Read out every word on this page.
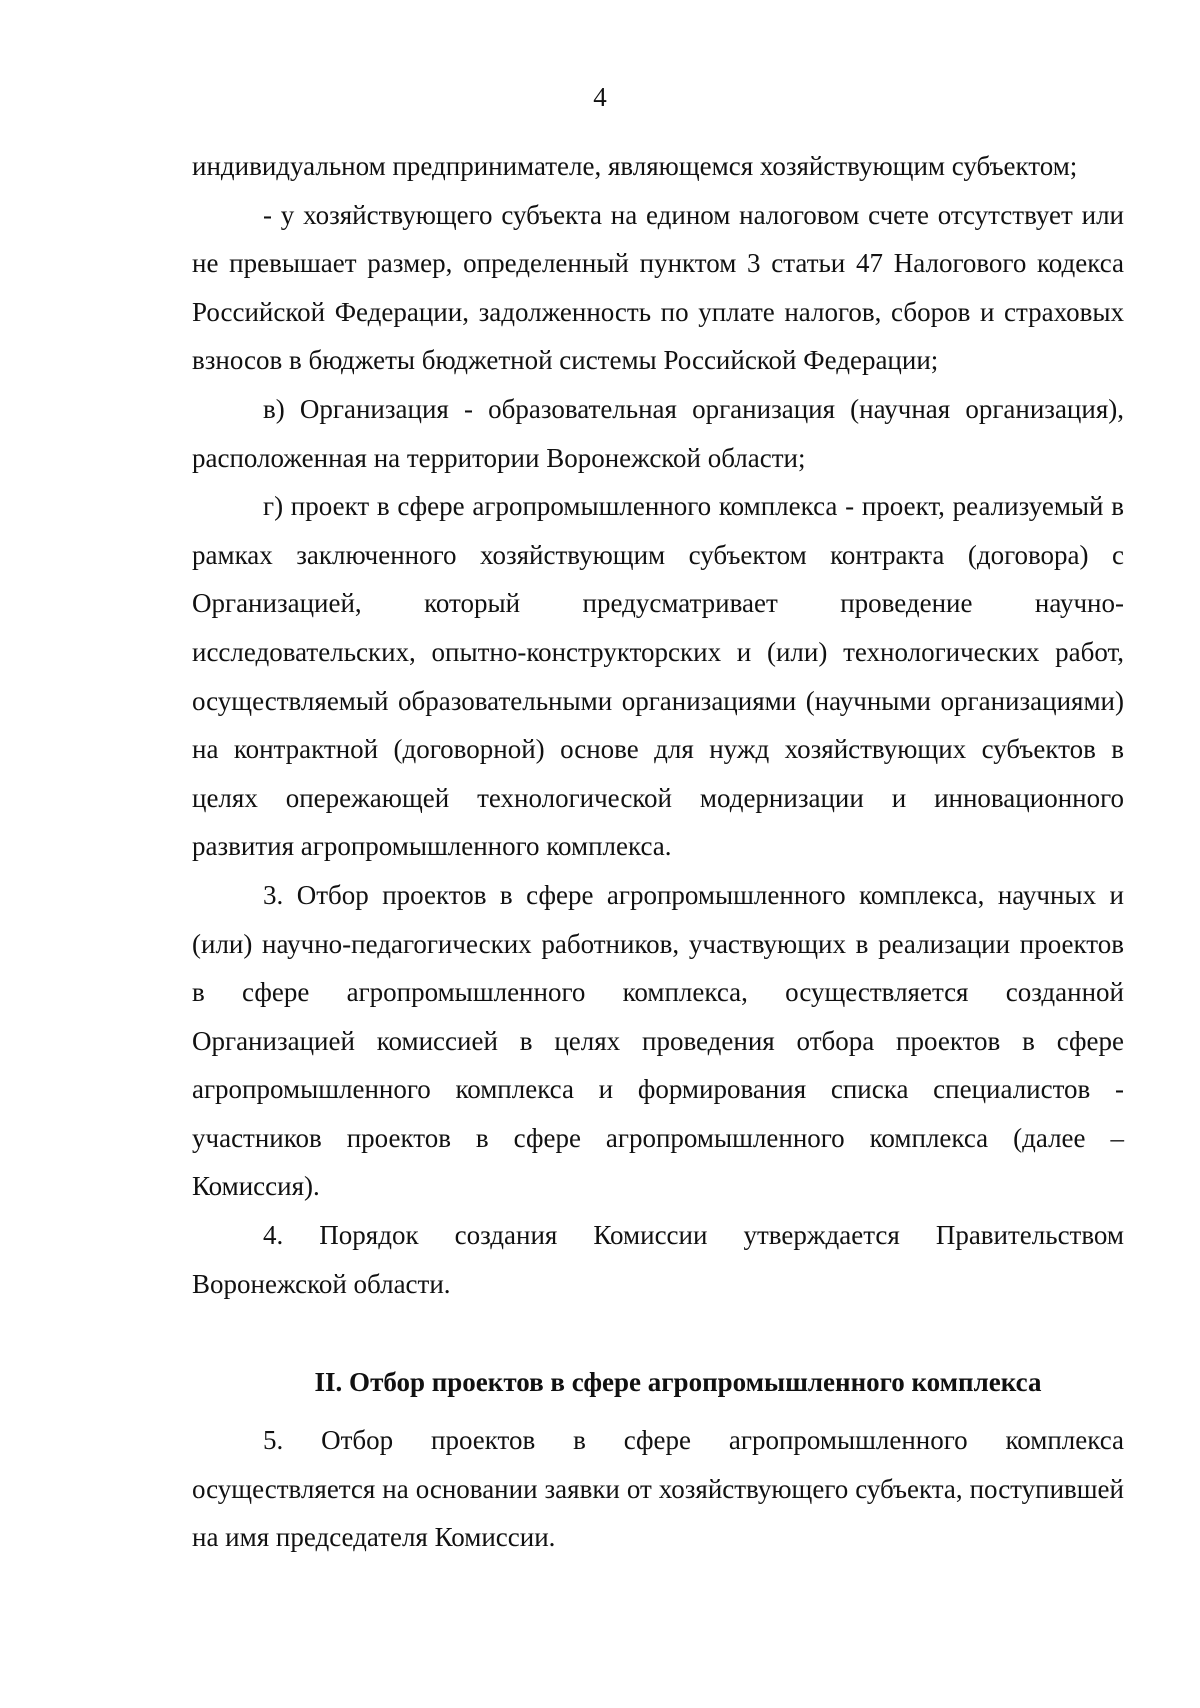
4

индивидуальном предпринимателе, являющемся хозяйствующим субъектом;

- у хозяйствующего субъекта на едином налоговом счете отсутствует или не превышает размер, определенный пунктом 3 статьи 47 Налогового кодекса Российской Федерации, задолженность по уплате налогов, сборов и страховых взносов в бюджеты бюджетной системы Российской Федерации;

в) Организация - образовательная организация (научная организация), расположенная на территории Воронежской области;

г) проект в сфере агропромышленного комплекса - проект, реализуемый в рамках заключенного хозяйствующим субъектом контракта (договора) с Организацией, который предусматривает проведение научно-исследовательских, опытно-конструкторских и (или) технологических работ, осуществляемый образовательными организациями (научными организациями) на контрактной (договорной) основе для нужд хозяйствующих субъектов в целях опережающей технологической модернизации и инновационного развития агропромышленного комплекса.

3. Отбор проектов в сфере агропромышленного комплекса, научных и (или) научно-педагогических работников, участвующих в реализации проектов в сфере агропромышленного комплекса, осуществляется созданной Организацией комиссией в целях проведения отбора проектов в сфере агропромышленного комплекса и формирования списка специалистов - участников проектов в сфере агропромышленного комплекса (далее – Комиссия).

4. Порядок создания Комиссии утверждается Правительством Воронежской области.

II. Отбор проектов в сфере агропромышленного комплекса

5. Отбор проектов в сфере агропромышленного комплекса осуществляется на основании заявки от хозяйствующего субъекта, поступившей на имя председателя Комиссии.
